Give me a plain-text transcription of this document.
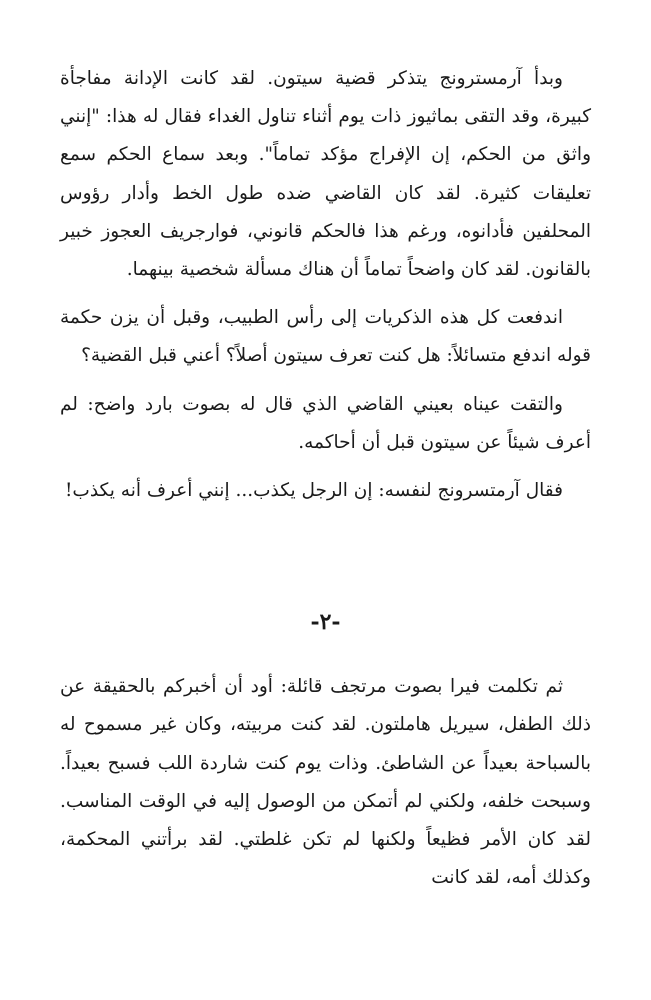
وبدأ آرمسترونج يتذكر قضية سيتون. لقد كانت الإدانة مفاجأة كبيرة، وقد التقى بماثيوز ذات يوم أثناء تناول الغداء فقال له هذا: "إنني واثق من الحكم، إن الإفراج مؤكد تماماً". وبعد سماع الحكم سمع تعليقات كثيرة. لقد كان القاضي ضده طول الخط وأدار رؤوس المحلفين فأدانوه، ورغم هذا فالحكم قانوني، فوارجريف العجوز خبير بالقانون. لقد كان واضحاً تماماً أن هناك مسألة شخصية بينهما.

اندفعت كل هذه الذكريات إلى رأس الطبيب، وقبل أن يزن حكمة قوله اندفع متسائلاً: هل كنت تعرف سيتون أصلاً؟ أعني قبل القضية؟

والتقت عيناه بعيني القاضي الذي قال له بصوت بارد واضح: لم أعرف شيئاً عن سيتون قبل أن أحاكمه.

فقال آرمتسرونج لنفسه: إن الرجل يكذب... إنني أعرف أنه يكذب!

-٢-

ثم تكلمت فيرا بصوت مرتجف قائلة: أود أن أخبركم بالحقيقة عن ذلك الطفل، سيريل هاملتون. لقد كنت مربيته، وكان غير مسموح له بالسباحة بعيداً عن الشاطئ. وذات يوم كنت شاردة اللب فسبح بعيداً. وسبحت خلفه، ولكني لم أتمكن من الوصول إليه في الوقت المناسب. لقد كان الأمر فظيعاً ولكنها لم تكن غلطتي. لقد برأتني المحكمة، وكذلك أمه، لقد كانت
